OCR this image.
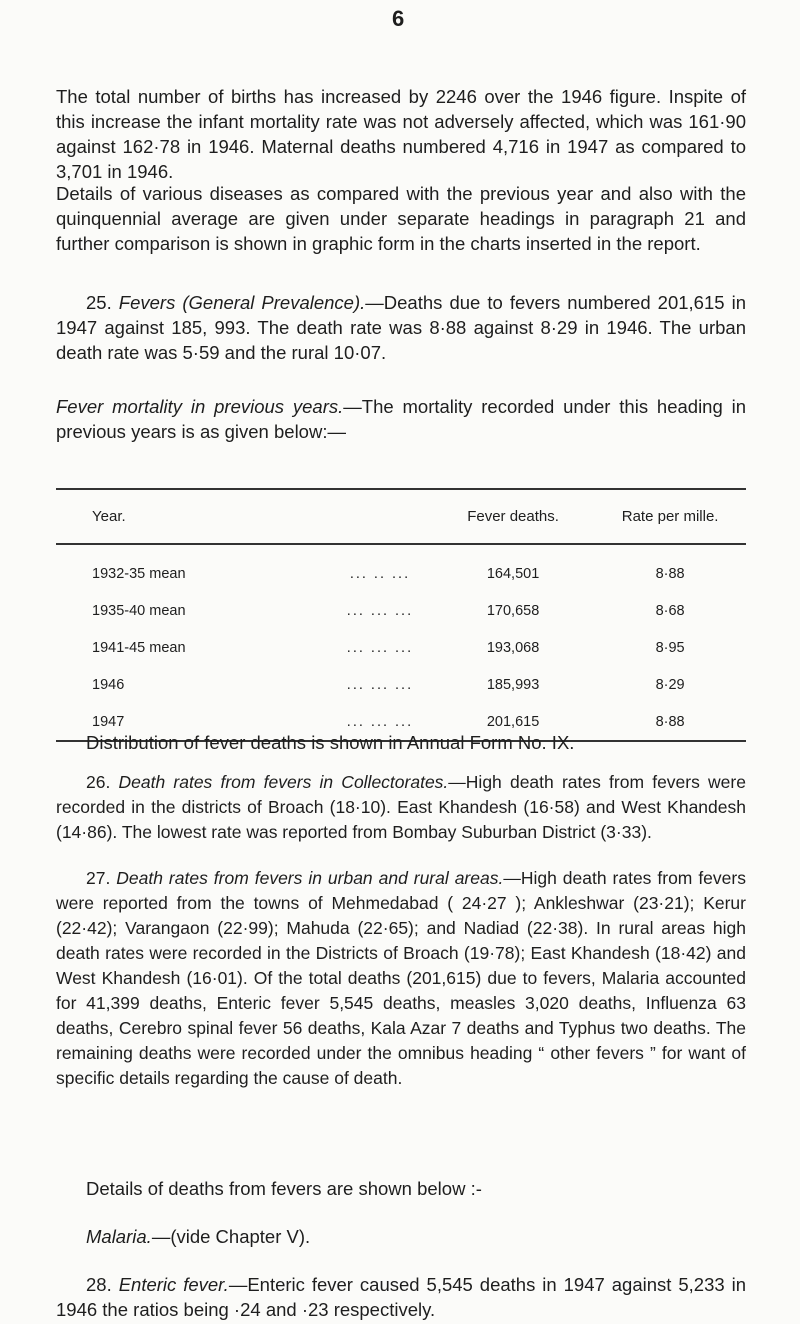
6

The total number of births has increased by 2246 over the 1946 figure. Inspite of this increase the infant mortality rate was not adversely affected, which was 161·90 against 162·78 in 1946. Maternal deaths numbered 4,716 in 1947 as compared to 3,701 in 1946.

Details of various diseases as compared with the previous year and also with the quinquennial average are given under separate headings in paragraph 21 and further comparison is shown in graphic form in the charts inserted in the report.

25. Fevers (General Prevalence).—Deaths due to fevers numbered 201,615 in 1947 against 185, 993. The death rate was 8·88 against 8·29 in 1946. The urban death rate was 5·59 and the rural 10·07.

Fever mortality in previous years.—The mortality recorded under this heading in previous years is as given below:—

Year.		Fever deaths.	Rate per mille.
1932-35 mean	... .. ...	164,501	8·88
1935-40 mean	... ... ...	170,658	8·68
1941-45 mean	... ... ...	193,068	8·95
1946	... ... ...	185,993	8·29
1947	... ... ...	201,615	8·88

Distribution of fever deaths is shown in Annual Form No. IX.

26. Death rates from fevers in Collectorates.—High death rates from fevers were recorded in the districts of Broach (18·10). East Khandesh (16·58) and West Khandesh (14·86). The lowest rate was reported from Bombay Suburban District (3·33).

27. Death rates from fevers in urban and rural areas.—High death rates from fevers were reported from the towns of Mehmedabad ( 24·27 ); Ankleshwar (23·21); Kerur (22·42); Varangaon (22·99); Mahuda (22·65); and Nadiad (22·38). In rural areas high death rates were recorded in the Districts of Broach (19·78); East Khandesh (18·42) and West Khandesh (16·01). Of the total deaths (201,615) due to fevers, Malaria accounted for 41,399 deaths, Enteric fever 5,545 deaths, measles 3,020 deaths, Influenza 63 deaths, Cerebro spinal fever 56 deaths, Kala Azar 7 deaths and Typhus two deaths. The remaining deaths were recorded under the omnibus heading “ other fevers ” for want of specific details regarding the cause of death.

Details of deaths from fevers are shown below :-

Malaria.—(vide Chapter V).

28. Enteric fever.—Enteric fever caused 5,545 deaths in 1947 against 5,233 in 1946 the ratios being ·24 and ·23 respectively.
